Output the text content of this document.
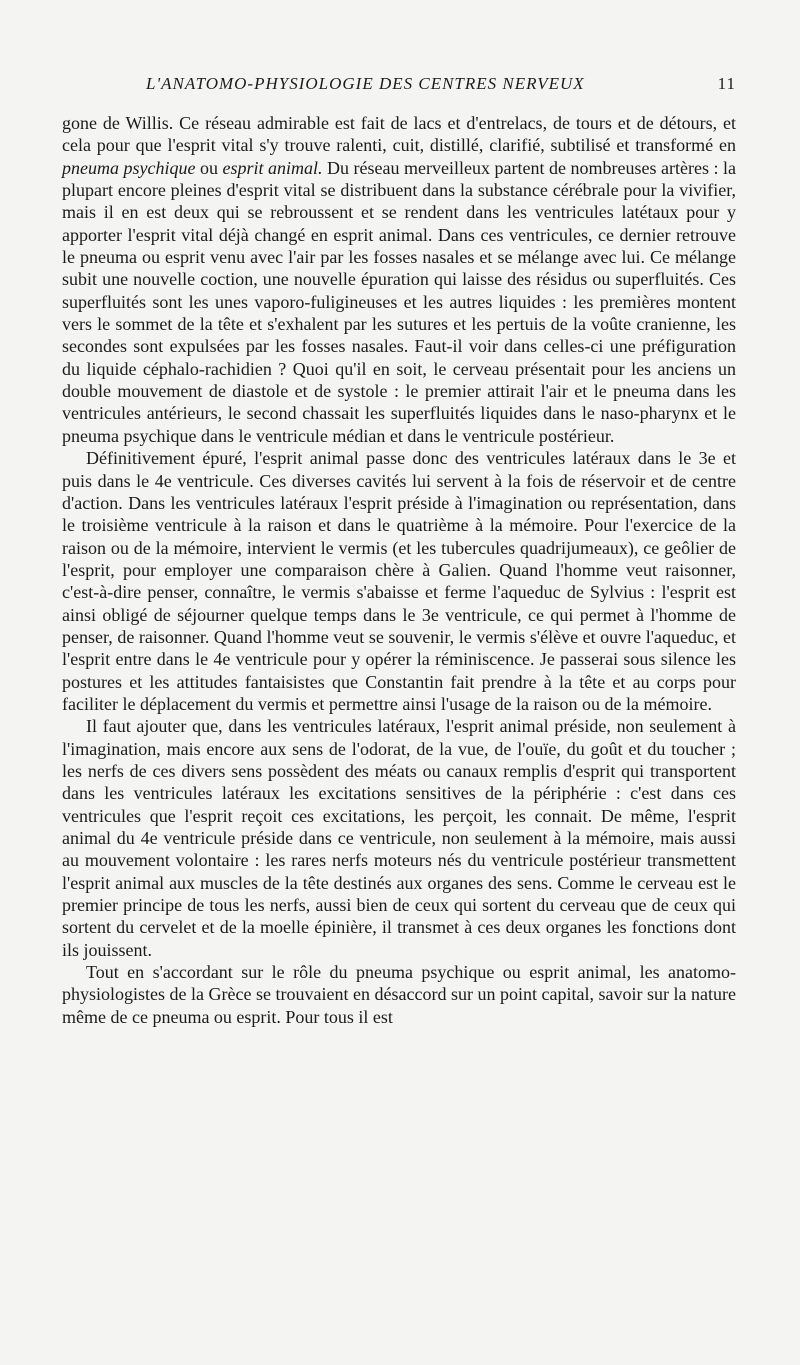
L'ANATOMO-PHYSIOLOGIE DES CENTRES NERVEUX	11

gone de Willis. Ce réseau admirable est fait de lacs et d'entrelacs, de tours et de détours, et cela pour que l'esprit vital s'y trouve ralenti, cuit, distillé, clarifié, subtilisé et transformé en pneuma psychique ou esprit animal. Du réseau merveilleux partent de nombreuses artères : la plupart encore pleines d'esprit vital se distribuent dans la substance cérébrale pour la vivifier, mais il en est deux qui se rebroussent et se rendent dans les ventricules latétaux pour y apporter l'esprit vital déjà changé en esprit animal. Dans ces ventricules, ce dernier retrouve le pneuma ou esprit venu avec l'air par les fosses nasales et se mélange avec lui. Ce mélange subit une nouvelle coction, une nouvelle épuration qui laisse des résidus ou superfluités. Ces superfluités sont les unes vaporo-fuligineuses et les autres liquides : les premières montent vers le sommet de la tête et s'exhalent par les sutures et les pertuis de la voûte cranienne, les secondes sont expulsées par les fosses nasales. Faut-il voir dans celles-ci une préfiguration du liquide céphalo-rachidien ? Quoi qu'il en soit, le cerveau présentait pour les anciens un double mouvement de diastole et de systole : le premier attirait l'air et le pneuma dans les ventricules antérieurs, le second chassait les superfluités liquides dans le naso-pharynx et le pneuma psychique dans le ventricule médian et dans le ventricule postérieur.

Définitivement épuré, l'esprit animal passe donc des ventricules latéraux dans le 3e et puis dans le 4e ventricule. Ces diverses cavités lui servent à la fois de réservoir et de centre d'action. Dans les ventricules latéraux l'esprit préside à l'imagination ou représentation, dans le troisième ventricule à la raison et dans le quatrième à la mémoire. Pour l'exercice de la raison ou de la mémoire, intervient le vermis (et les tubercules quadrijumeaux), ce geôlier de l'esprit, pour employer une comparaison chère à Galien. Quand l'homme veut raisonner, c'est-à-dire penser, connaître, le vermis s'abaisse et ferme l'aqueduc de Sylvius : l'esprit est ainsi obligé de séjourner quelque temps dans le 3e ventricule, ce qui permet à l'homme de penser, de raisonner. Quand l'homme veut se souvenir, le vermis s'élève et ouvre l'aqueduc, et l'esprit entre dans le 4e ventricule pour y opérer la réminiscence. Je passerai sous silence les postures et les attitudes fantaisistes que Constantin fait prendre à la tête et au corps pour faciliter le déplacement du vermis et permettre ainsi l'usage de la raison ou de la mémoire.

Il faut ajouter que, dans les ventricules latéraux, l'esprit animal préside, non seulement à l'imagination, mais encore aux sens de l'odorat, de la vue, de l'ouïe, du goût et du toucher ; les nerfs de ces divers sens possèdent des méats ou canaux remplis d'esprit qui transportent dans les ventricules latéraux les excitations sensitives de la périphérie : c'est dans ces ventricules que l'esprit reçoit ces excitations, les perçoit, les connait. De même, l'esprit animal du 4e ventricule préside dans ce ventricule, non seulement à la mémoire, mais aussi au mouvement volontaire : les rares nerfs moteurs nés du ventricule postérieur transmettent l'esprit animal aux muscles de la tête destinés aux organes des sens. Comme le cerveau est le premier principe de tous les nerfs, aussi bien de ceux qui sortent du cerveau que de ceux qui sortent du cervelet et de la moelle épinière, il transmet à ces deux organes les fonctions dont ils jouissent.

Tout en s'accordant sur le rôle du pneuma psychique ou esprit animal, les anatomo-physiologistes de la Grèce se trouvaient en désaccord sur un point capital, savoir sur la nature même de ce pneuma ou esprit. Pour tous il est
